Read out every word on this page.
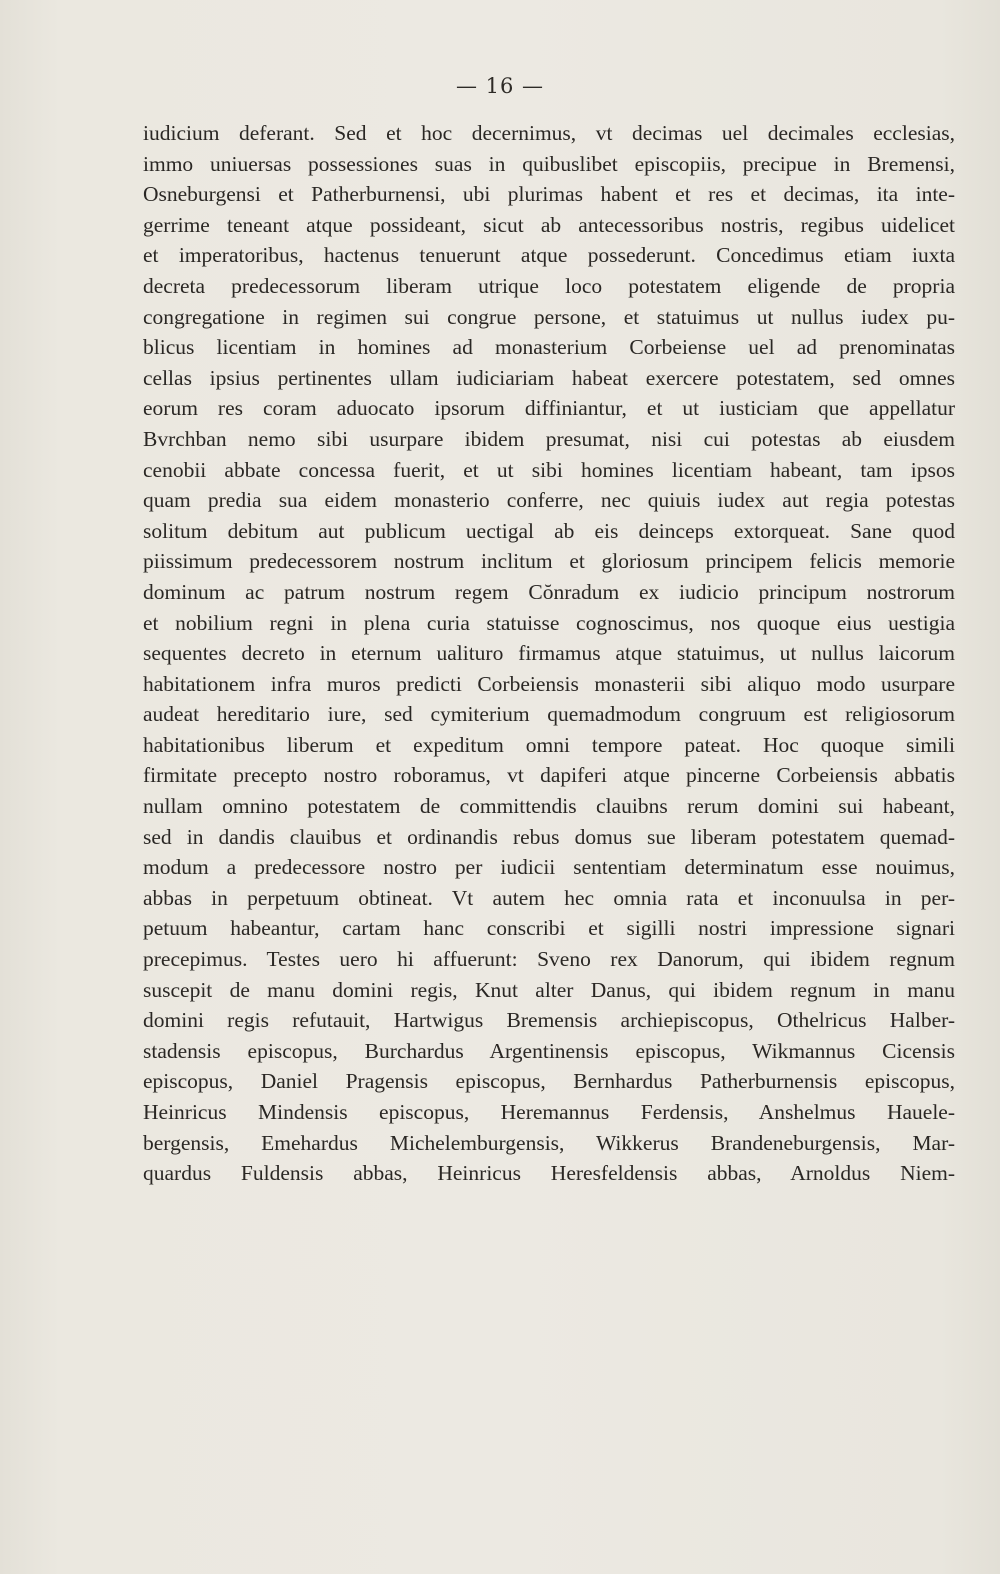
— 16 —

iudicium deferant. Sed et hoc decernimus, vt decimas uel decimales ecclesias,
immo uniuersas possessiones suas in quibuslibet episcopiis, precipue in Bremensi,
Osneburgensi et Patherburnensi, ubi plurimas habent et res et decimas, ita inte-
gerrime teneant atque possideant, sicut ab antecessoribus nostris, regibus uidelicet
et imperatoribus, hactenus tenuerunt atque possederunt. Concedimus etiam iuxta
decreta predecessorum liberam utrique loco potestatem eligende de propria
congregatione in regimen sui congrue persone, et statuimus ut nullus iudex pu-
blicus licentiam in homines ad monasterium Corbeiense uel ad prenominatas
cellas ipsius pertinentes ullam iudiciariam habeat exercere potestatem, sed omnes
eorum res coram aduocato ipsorum diffiniantur, et ut iusticiam que appellatur
Bvrchban nemo sibi usurpare ibidem presumat, nisi cui potestas ab eiusdem
cenobii abbate concessa fuerit, et ut sibi homines licentiam habeant, tam ipsos
quam predia sua eidem monasterio conferre, nec quiuis iudex aut regia potestas
solitum debitum aut publicum uectigal ab eis deinceps extorqueat. Sane quod
piissimum predecessorem nostrum inclitum et gloriosum principem felicis memorie
dominum ac patrum nostrum regem Cŏnradum ex iudicio principum nostrorum
et nobilium regni in plena curia statuisse cognoscimus, nos quoque eius uestigia
sequentes decreto in eternum ualituro firmamus atque statuimus, ut nullus laicorum
habitationem infra muros predicti Corbeiensis monasterii sibi aliquo modo usurpare
audeat hereditario iure, sed cymiterium quemadmodum congruum est religiosorum
habitationibus liberum et expeditum omni tempore pateat. Hoc quoque simili
firmitate precepto nostro roboramus, vt dapiferi atque pincerne Corbeiensis abbatis
nullam omnino potestatem de committendis clauibns rerum domini sui habeant,
sed in dandis clauibus et ordinandis rebus domus sue liberam potestatem quemad-
modum a predecessore nostro per iudicii sententiam determinatum esse nouimus,
abbas in perpetuum obtineat. Vt autem hec omnia rata et inconuulsa in per-
petuum habeantur, cartam hanc conscribi et sigilli nostri impressione signari
precepimus. Testes uero hi affuerunt: Sveno rex Danorum, qui ibidem regnum
suscepit de manu domini regis, Knut alter Danus, qui ibidem regnum in manu
domini regis refutauit, Hartwigus Bremensis archiepiscopus, Othelricus Halber-
stadensis episcopus, Burchardus Argentinensis episcopus, Wikmannus Cicensis
episcopus, Daniel Pragensis episcopus, Bernhardus Patherburnensis episcopus,
Heinricus Mindensis episcopus, Heremannus Ferdensis, Anshelmus Hauele-
bergensis, Emehardus Michelemburgensis, Wikkerus Brandeneburgensis, Mar-
quardus Fuldensis abbas, Heinricus Heresfeldensis abbas, Arnoldus Niem-
